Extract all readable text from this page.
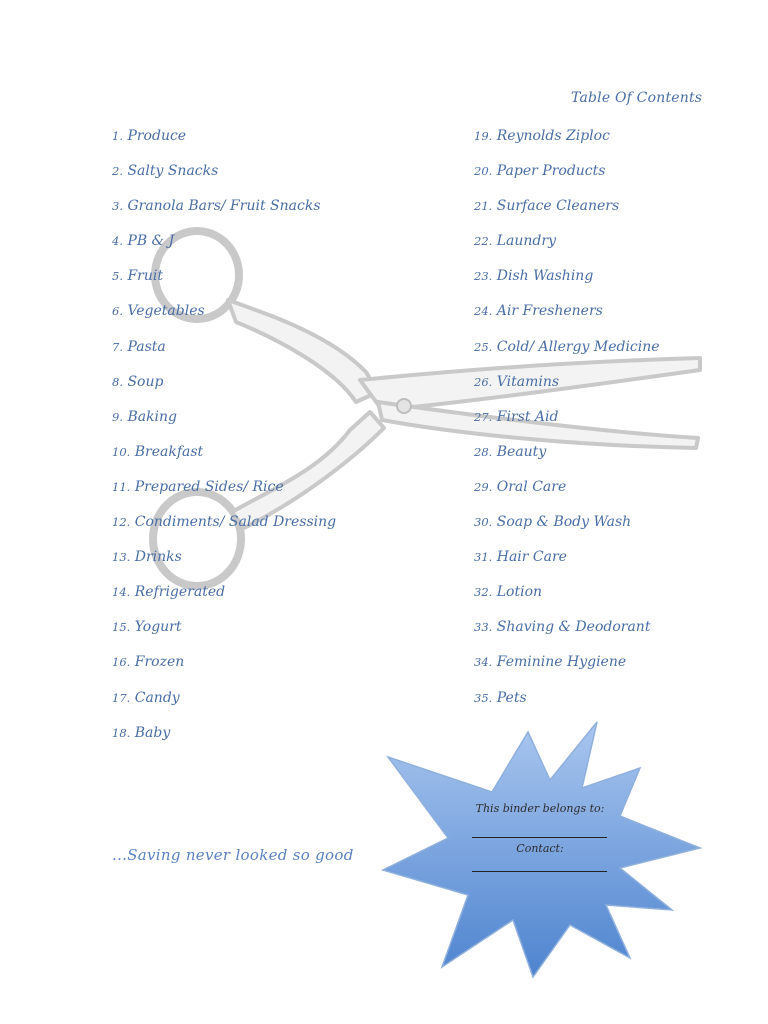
Table Of Contents
1. Produce
2. Salty Snacks
3. Granola Bars/ Fruit Snacks
4. PB & J
5. Fruit
6. Vegetables
7. Pasta
8. Soup
9. Baking
10. Breakfast
11. Prepared Sides/ Rice
12. Condiments/ Salad Dressing
13. Drinks
14. Refrigerated
15. Yogurt
16. Frozen
17. Candy
18. Baby
19. Reynolds Ziploc
20. Paper Products
21. Surface Cleaners
22. Laundry
23. Dish Washing
24. Air Fresheners
25. Cold/ Allergy Medicine
26. Vitamins
27. First Aid
28. Beauty
29. Oral Care
30. Soap & Body Wash
31. Hair Care
32. Lotion
33. Shaving & Deodorant
34. Feminine Hygiene
35. Pets
...Saving never looked so good
This binder belongs to:
Contact:
